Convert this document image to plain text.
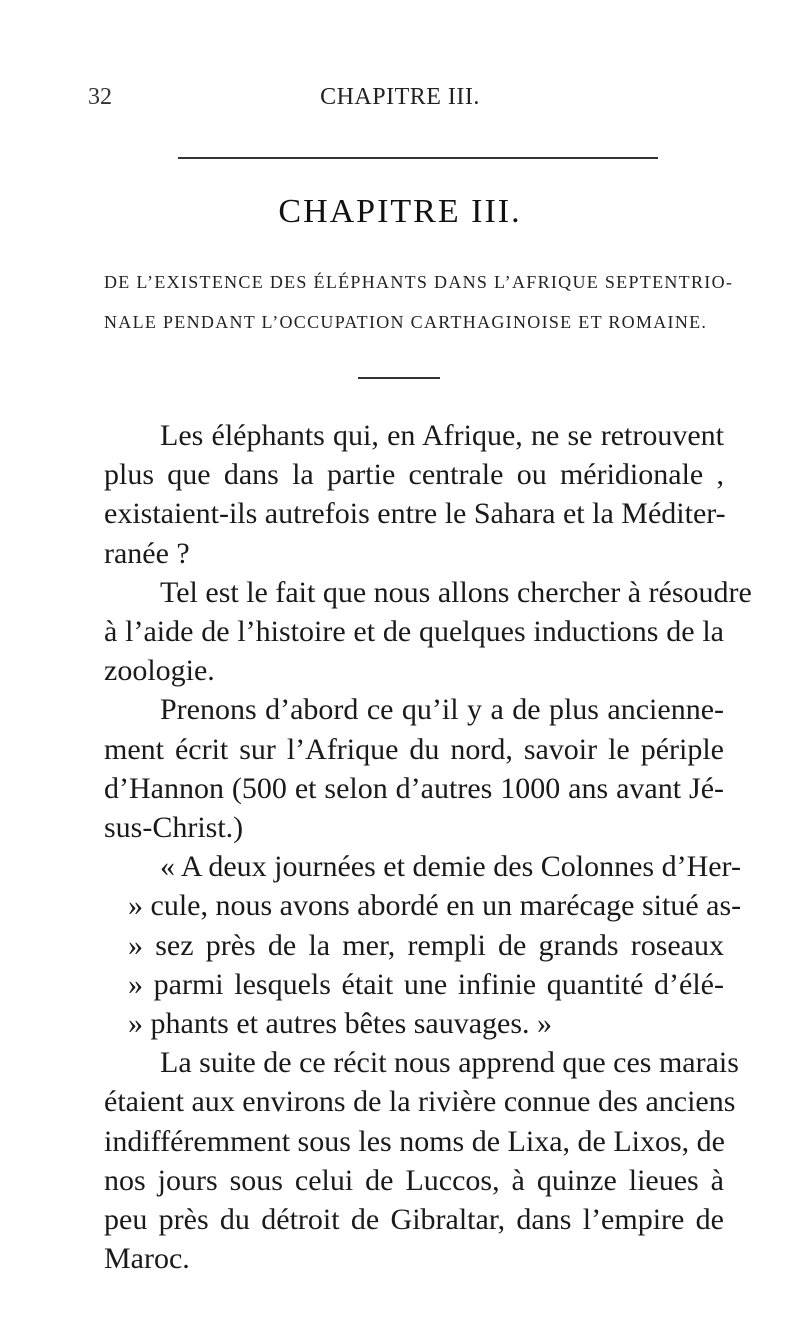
32	CHAPITRE III.
CHAPITRE III.
DE L’EXISTENCE DES ÉLÉPHANTS DANS L’AFRIQUE SEPTENTRIO-
NALE PENDANT L’OCCUPATION CARTHAGINOISE ET ROMAINE.
Les éléphants qui, en Afrique, ne se retrouvent
plus que dans la partie centrale ou méridionale ,
existaient-ils autrefois entre le Sahara et la Méditer-
ranée ?
Tel est le fait que nous allons chercher à résoudre
à l’aide de l’histoire et de quelques inductions de la
zoologie.
Prenons d’abord ce qu’il y a de plus ancienne-
ment écrit sur l’Afrique du nord, savoir le périple
d’Hannon (500 et selon d’autres 1000 ans avant Jé-
sus-Christ.)
« A deux journées et demie des Colonnes d’Her-
» cule, nous avons abordé en un marécage situé as-
» sez près de la mer, rempli de grands roseaux
» parmi lesquels était une infinie quantité d’élé-
» phants et autres bêtes sauvages. »
La suite de ce récit nous apprend que ces marais
étaient aux environs de la rivière connue des anciens
indifféremment sous les noms de Lixa, de Lixos, de
nos jours sous celui de Luccos, à quinze lieues à
peu près du détroit de Gibraltar, dans l’empire de
Maroc.
